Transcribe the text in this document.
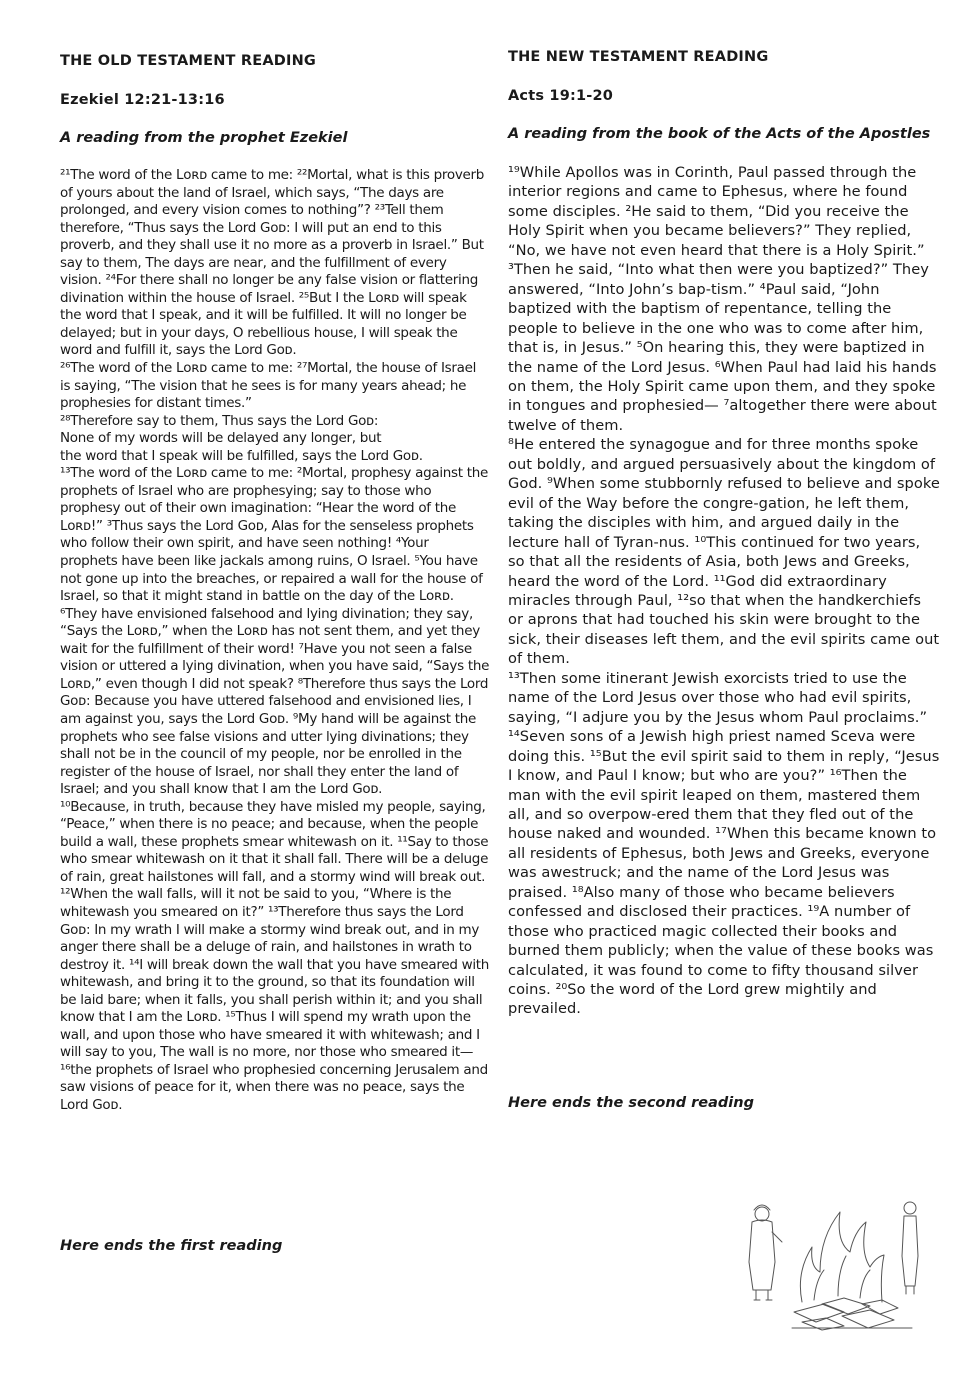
THE OLD TESTAMENT READING
Ezekiel 12:21-13:16
A reading from the prophet Ezekiel

²¹The word of the Lᴏʀᴅ came to me: ²²Mortal, what is this proverb of yours about the land of Israel, which says, “The days are prolonged, and every vision comes to nothing”? ²³Tell them therefore, “Thus says the Lord Gᴏᴅ: I will put an end to this proverb, and they shall use it no more as a proverb in Israel.” But say to them, The days are near, and the fulfillment of every vision. ²⁴For there shall no longer be any false vision or flattering divination within the house of Israel. ²⁵But I the Lᴏʀᴅ will speak the word that I speak, and it will be fulfilled. It will no longer be delayed; but in your days, O rebellious house, I will speak the word and fulfill it, says the Lord Gᴏᴅ.

²⁶The word of the Lᴏʀᴅ came to me: ²⁷Mortal, the house of Israel is saying, “The vision that he sees is for many years ahead; he prophesies for distant times.”

²⁸Therefore say to them, Thus says the Lord Gᴏᴅ:

None of my words will be delayed any longer, but

the word that I speak will be fulfilled, says the Lord Gᴏᴅ.

¹³The word of the Lᴏʀᴅ came to me: ²Mortal, prophesy against the prophets of Israel who are prophesying; say to those who prophesy out of their own imagination: “Hear the word of the Lᴏʀᴅ!” ³Thus says the Lord Gᴏᴅ, Alas for the senseless prophets who follow their own spirit, and have seen nothing! ⁴Your prophets have been like jackals among ruins, O Israel. ⁵You have not gone up into the breaches, or repaired a wall for the house of Israel, so that it might stand in battle on the day of the Lᴏʀᴅ. ⁶They have envisioned falsehood and lying divination; they say, “Says the Lᴏʀᴅ,” when the Lᴏʀᴅ has not sent them, and yet they wait for the fulfillment of their word! ⁷Have you not seen a false vision or uttered a lying divination, when you have said, “Says the Lᴏʀᴅ,” even though I did not speak? ⁸Therefore thus says the Lord Gᴏᴅ: Because you have uttered falsehood and envisioned lies, I am against you, says the Lord Gᴏᴅ. ⁹My hand will be against the prophets who see false visions and utter lying divinations; they shall not be in the council of my people, nor be enrolled in the register of the house of Israel, nor shall they enter the land of Israel; and you shall know that I am the Lord Gᴏᴅ.

¹⁰Because, in truth, because they have misled my people, saying, “Peace,” when there is no peace; and because, when the people build a wall, these prophets smear whitewash on it. ¹¹Say to those who smear whitewash on it that it shall fall. There will be a deluge of rain, great hailstones will fall, and a stormy wind will break out. ¹²When the wall falls, will it not be said to you, “Where is the whitewash you smeared on it?” ¹³Therefore thus says the Lord Gᴏᴅ: In my wrath I will make a stormy wind break out, and in my anger there shall be a deluge of rain, and hailstones in wrath to destroy it. ¹⁴I will break down the wall that you have smeared with whitewash, and bring it to the ground, so that its foundation will be laid bare; when it falls, you shall perish within it; and you shall know that I am the Lᴏʀᴅ. ¹⁵Thus I will spend my wrath upon the wall, and upon those who have smeared it with whitewash; and I will say to you, The wall is no more, nor those who smeared it— ¹⁶the prophets of Israel who prophesied concerning Jerusalem and saw visions of peace for it, when there was no peace, says the Lord Gᴏᴅ.

Here ends the first reading
THE NEW TESTAMENT READING
Acts 19:1-20
A reading from the book of the Acts of the Apostles

¹⁹While Apollos was in Corinth, Paul passed through the interior regions and came to Ephesus, where he found some disciples. ²He said to them, “Did you receive the Holy Spirit when you became believers?” They replied, “No, we have not even heard that there is a Holy Spirit.” ³Then he said, “Into what then were you baptized?” They answered, “Into John’s bap-tism.” ⁴Paul said, “John baptized with the baptism of repentance, telling the people to believe in the one who was to come after him, that is, in Jesus.” ⁵On hearing this, they were baptized in the name of the Lord Jesus. ⁶When Paul had laid his hands on them, the Holy Spirit came upon them, and they spoke in tongues and prophesied— ⁷altogether there were about twelve of them.

⁸He entered the synagogue and for three months spoke out boldly, and argued persuasively about the kingdom of God. ⁹When some stubbornly refused to believe and spoke evil of the Way before the congre-gation, he left them, taking the disciples with him, and argued daily in the lecture hall of Tyran-nus. ¹⁰This continued for two years, so that all the residents of Asia, both Jews and Greeks, heard the word of the Lord. ¹¹God did extraordinary miracles through Paul, ¹²so that when the handkerchiefs or aprons that had touched his skin were brought to the sick, their diseases left them, and the evil spirits came out of them.

¹³Then some itinerant Jewish exorcists tried to use the name of the Lord Jesus over those who had evil spirits, saying, “I adjure you by the Jesus whom Paul proclaims.” ¹⁴Seven sons of a Jewish high priest named Sceva were doing this. ¹⁵But the evil spirit said to them in reply, “Jesus I know, and Paul I know; but who are you?” ¹⁶Then the man with the evil spirit leaped on them, mastered them all, and so overpow-ered them that they fled out of the house naked and wounded. ¹⁷When this became known to all residents of Ephesus, both Jews and Greeks, everyone was awestruck; and the name of the Lord Jesus was praised. ¹⁸Also many of those who became believers confessed and disclosed their practices. ¹⁹A number of those who practiced magic collected their books and burned them publicly; when the value of these books was calculated, it was found to come to fifty thousand silver coins. ²⁰So the word of the Lord grew mightily and prevailed.

Here ends the second reading
